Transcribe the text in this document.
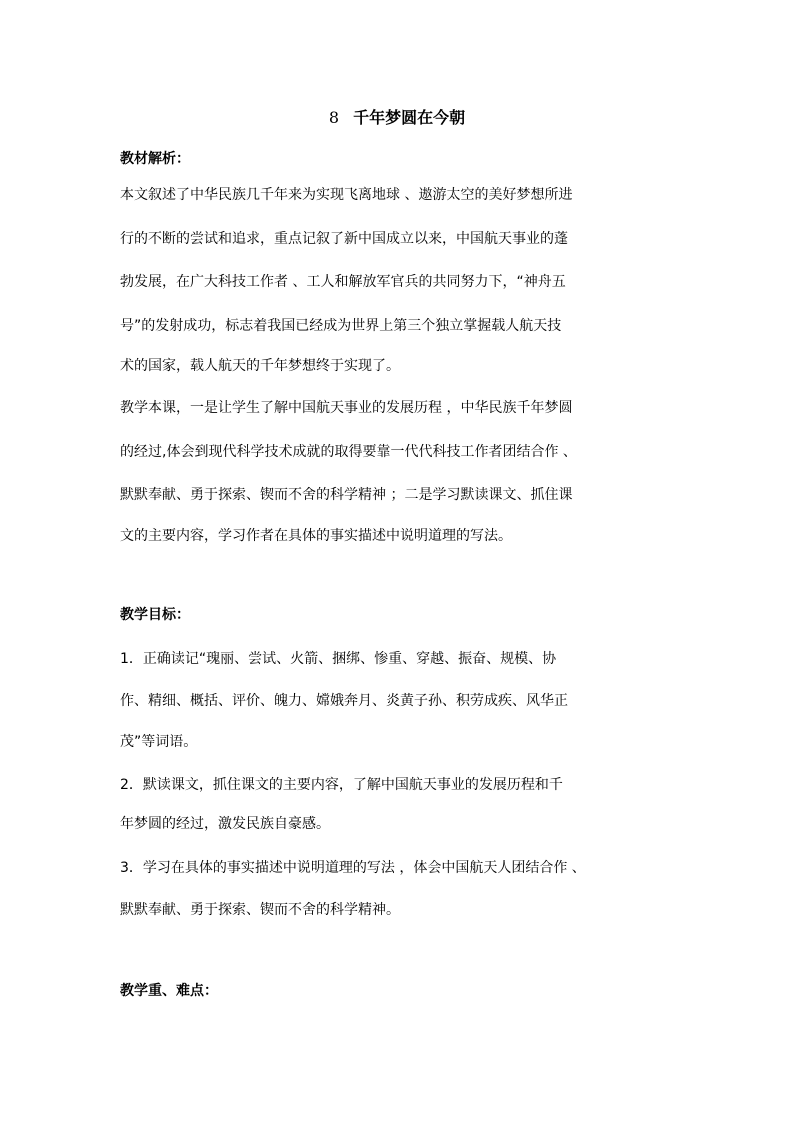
8 千年梦圆在今朝
教材解析：
本文叙述了中华民族几千年来为实现飞离地球 、遨游太空的美好梦想所进
行的不断的尝试和追求，重点记叙了新中国成立以来，中国航天事业的蓬
勃发展，在广大科技工作者 、工人和解放军官兵的共同努力下，“神舟五
号”的发射成功，标志着我国已经成为世界上第三个独立掌握载人航天技
术的国家，载人航天的千年梦想终于实现了。
教学本课，一是让学生了解中国航天事业的发展历程 ，中华民族千年梦圆
的经过,体会到现代科学技术成就的取得要靠一代代科技工作者团结合作 、
默默奉献、勇于探索、锲而不舍的科学精神 ；二是学习默读课文、抓住课
文的主要内容，学习作者在具体的事实描述中说明道理的写法。
教学目标：
1．正确读记“瑰丽、尝试、火箭、捆绑、惨重、穿越、振奋、规模、协
作、精细、概括、评价、魄力、嫦娥奔月、炎黄子孙、积劳成疾、风华正
茂”等词语。
2．默读课文，抓住课文的主要内容，了解中国航天事业的发展历程和千
年梦圆的经过，激发民族自豪感。
3．学习在具体的事实描述中说明道理的写法 ，体会中国航天人团结合作 、
默默奉献、勇于探索、锲而不舍的科学精神。
教学重、难点：
